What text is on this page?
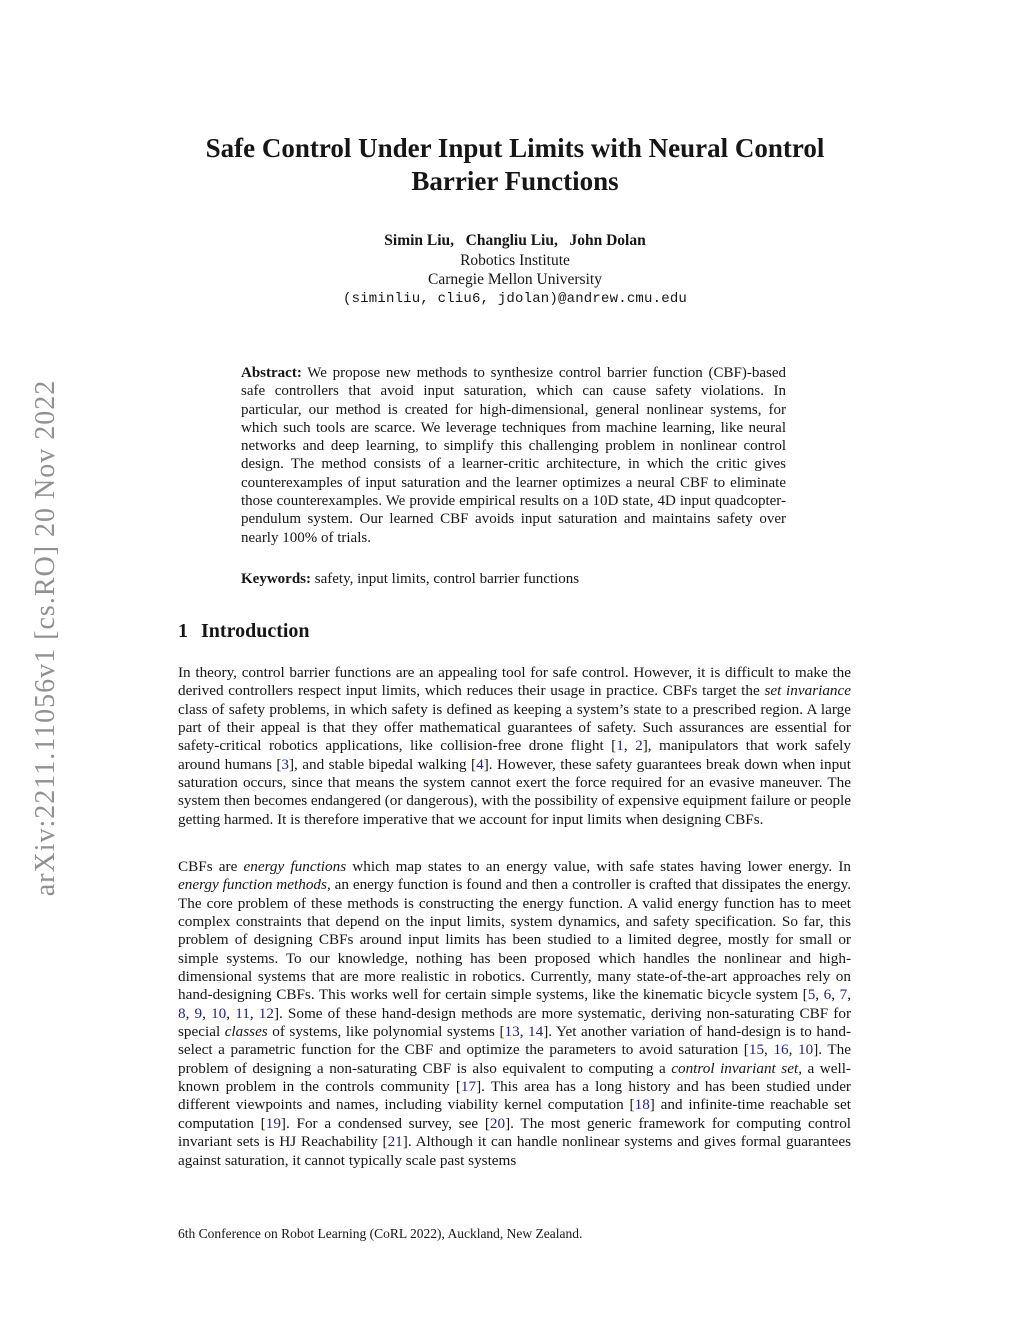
arXiv:2211.11056v1 [cs.RO] 20 Nov 2022
Safe Control Under Input Limits with Neural Control Barrier Functions
Simin Liu,   Changliu Liu,   John Dolan
Robotics Institute
Carnegie Mellon University
(siminliu, cliu6, jdolan)@andrew.cmu.edu
Abstract: We propose new methods to synthesize control barrier function (CBF)-based safe controllers that avoid input saturation, which can cause safety violations. In particular, our method is created for high-dimensional, general nonlinear systems, for which such tools are scarce. We leverage techniques from machine learning, like neural networks and deep learning, to simplify this challenging problem in nonlinear control design. The method consists of a learner-critic architecture, in which the critic gives counterexamples of input saturation and the learner optimizes a neural CBF to eliminate those counterexamples. We provide empirical results on a 10D state, 4D input quadcopter-pendulum system. Our learned CBF avoids input saturation and maintains safety over nearly 100% of trials.
Keywords: safety, input limits, control barrier functions
1 Introduction
In theory, control barrier functions are an appealing tool for safe control. However, it is difficult to make the derived controllers respect input limits, which reduces their usage in practice. CBFs target the set invariance class of safety problems, in which safety is defined as keeping a system’s state to a prescribed region. A large part of their appeal is that they offer mathematical guarantees of safety. Such assurances are essential for safety-critical robotics applications, like collision-free drone flight [1, 2], manipulators that work safely around humans [3], and stable bipedal walking [4]. However, these safety guarantees break down when input saturation occurs, since that means the system cannot exert the force required for an evasive maneuver. The system then becomes endangered (or dangerous), with the possibility of expensive equipment failure or people getting harmed. It is therefore imperative that we account for input limits when designing CBFs.
CBFs are energy functions which map states to an energy value, with safe states having lower energy. In energy function methods, an energy function is found and then a controller is crafted that dissipates the energy. The core problem of these methods is constructing the energy function. A valid energy function has to meet complex constraints that depend on the input limits, system dynamics, and safety specification. So far, this problem of designing CBFs around input limits has been studied to a limited degree, mostly for small or simple systems. To our knowledge, nothing has been proposed which handles the nonlinear and high-dimensional systems that are more realistic in robotics. Currently, many state-of-the-art approaches rely on hand-designing CBFs. This works well for certain simple systems, like the kinematic bicycle system [5, 6, 7, 8, 9, 10, 11, 12]. Some of these hand-design methods are more systematic, deriving non-saturating CBF for special classes of systems, like polynomial systems [13, 14]. Yet another variation of hand-design is to hand-select a parametric function for the CBF and optimize the parameters to avoid saturation [15, 16, 10]. The problem of designing a non-saturating CBF is also equivalent to computing a control invariant set, a well-known problem in the controls community [17]. This area has a long history and has been studied under different viewpoints and names, including viability kernel computation [18] and infinite-time reachable set computation [19]. For a condensed survey, see [20]. The most generic framework for computing control invariant sets is HJ Reachability [21]. Although it can handle nonlinear systems and gives formal guarantees against saturation, it cannot typically scale past systems
6th Conference on Robot Learning (CoRL 2022), Auckland, New Zealand.
